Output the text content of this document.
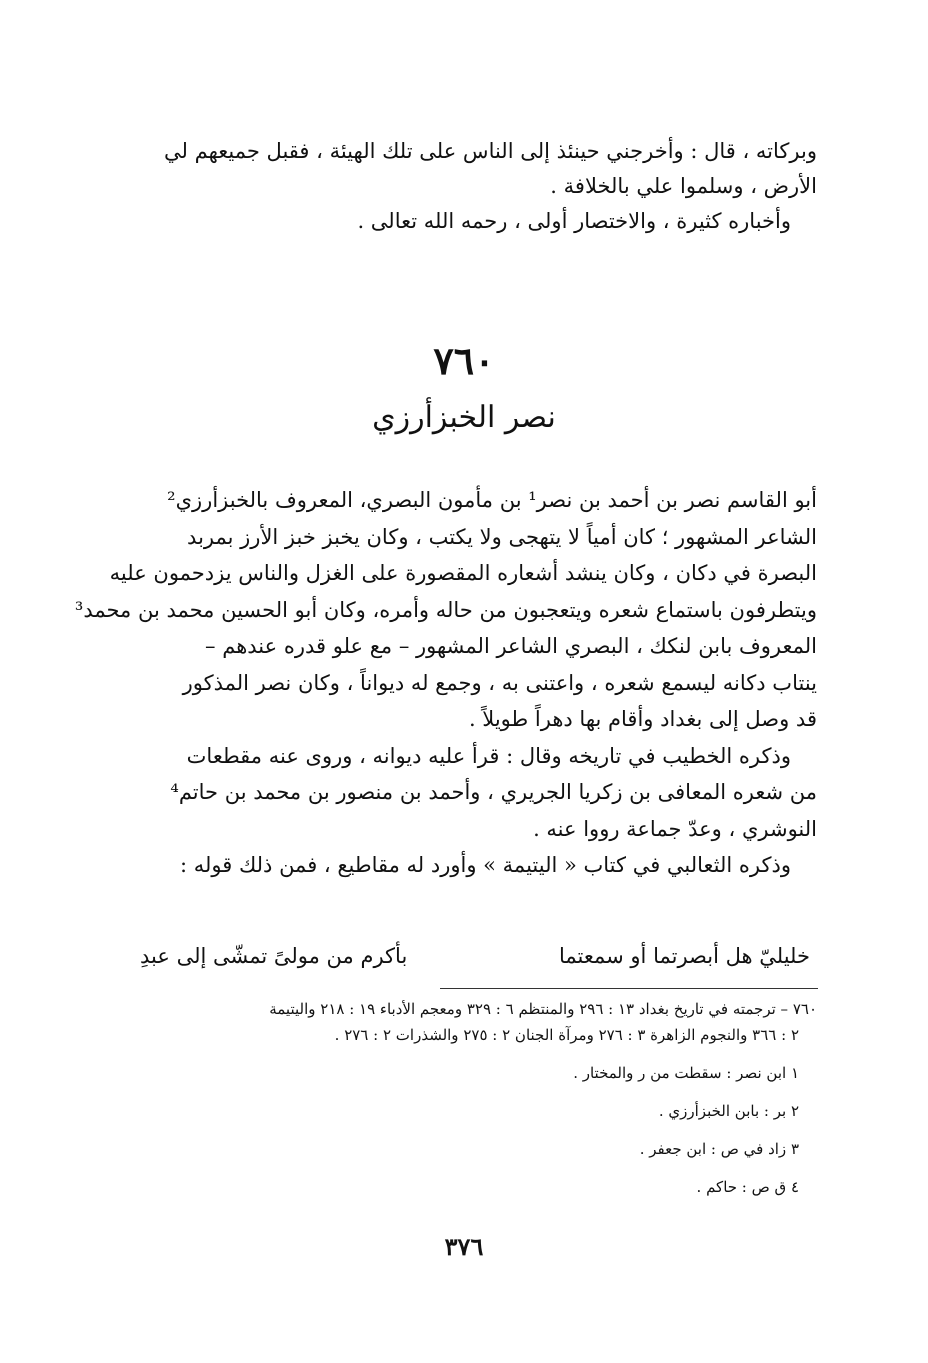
وبركاته ، قال : وأخرجني حينئذ إلى الناس على تلك الهيئة ، فقبل جميعهم لي
الأرض ، وسلموا علي بالخلافة .
وأخباره كثيرة ، والاختصار أولى ، رحمه الله تعالى .
٧٦٠
نصر الخبزأرزي
أبو القاسم نصر بن أحمد بن نصر¹ بن مأمون البصري، المعروف بالخبزأرزي²
الشاعر المشهور ؛ كان أمياً لا يتهجى ولا يكتب ، وكان يخبز خبز الأرز بمربد
البصرة في دكان ، وكان ينشد أشعاره المقصورة على الغزل والناس يزدحمون عليه
ويتطرفون باستماع شعره ويتعجبون من حاله وأمره، وكان أبو الحسين محمد بن محمد³
المعروف بابن لنكك ، البصري الشاعر المشهور – مع علو قدره عندهم –
ينتاب دكانه ليسمع شعره ، واعتنى به ، وجمع له ديواناً ، وكان نصر المذكور
قد وصل إلى بغداد وأقام بها دهراً طويلاً .
وذكره الخطيب في تاريخه وقال : قرأ عليه ديوانه ، وروى عنه مقطعات
من شعره المعافى بن زكريا الجريري ، وأحمد بن منصور بن محمد بن حاتم⁴
النوشري ، وعدّ جماعة رووا عنه .
وذكره الثعالبي في كتاب « اليتيمة » وأورد له مقاطيع ، فمن ذلك قوله :
خليليّ هل أبصرتما أو سمعتما
بأكرم من مولىً تمشّى إلى عبدِ
٧٦٠ – ترجمته في تاريخ بغداد ١٣ : ٢٩٦ والمنتظم ٦ : ٣٢٩ ومعجم الأدباء ١٩ : ٢١٨ واليتيمة
٢ : ٣٦٦ والنجوم الزاهرة ٣ : ٢٧٦ ومرآة الجنان ٢ : ٢٧٥ والشذرات ٢ : ٢٧٦ .
١ ابن نصر : سقطت من ر والمختار .
٢ بر : بابن الخبزأرزي .
٣ زاد في ص : ابن جعفر .
٤ ق ص : حاكم .
٣٧٦
